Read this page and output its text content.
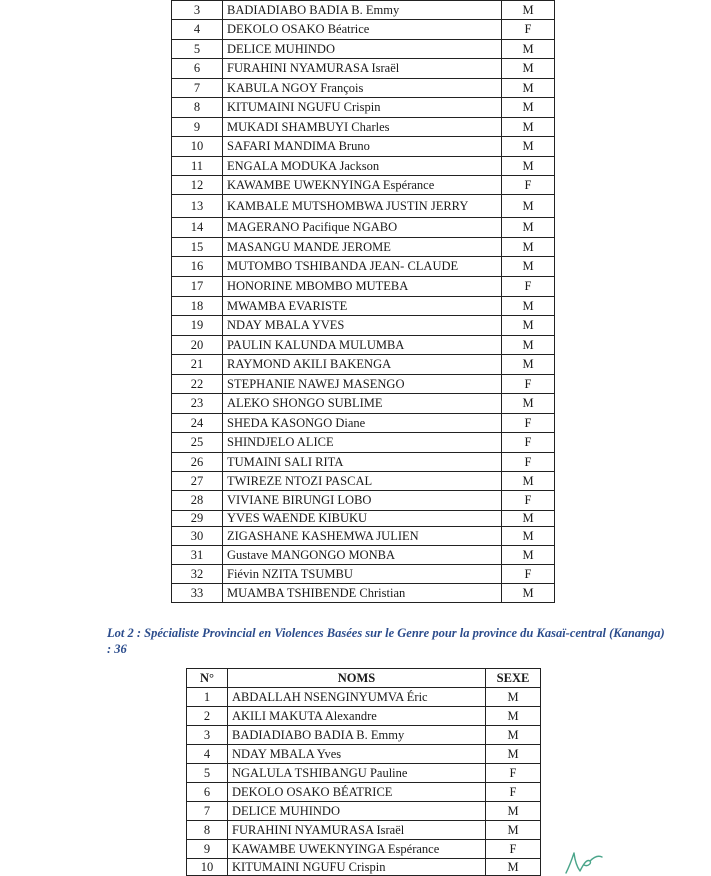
3	BADIADIABO BADIA B. Emmy	M
4	DEKOLO OSAKO Béatrice	F
5	DELICE MUHINDO	M
6	FURAHINI NYAMURASA Israël	M
7	KABULA NGOY François	M
8	KITUMAINI NGUFU Crispin	M
9	MUKADI SHAMBUYI Charles	M
10	SAFARI MANDIMA Bruno	M
11	ENGALA MODUKA Jackson	M
12	KAWAMBE UWEKNYINGA Espérance	F
13	KAMBALE MUTSHOMBWA JUSTIN JERRY	M
14	MAGERANO Pacifique NGABO	M
15	MASANGU MANDE JEROME	M
16	MUTOMBO TSHIBANDA JEAN- CLAUDE	M
17	HONORINE MBOMBO MUTEBA	F
18	MWAMBA EVARISTE	M
19	NDAY MBALA YVES	M
20	PAULIN KALUNDA MULUMBA	M
21	RAYMOND AKILI BAKENGA	M
22	STEPHANIE NAWEJ MASENGO	F
23	ALEKO SHONGO SUBLIME	M
24	SHEDA KASONGO Diane	F
25	SHINDJELO ALICE	F
26	TUMAINI SALI RITA	F
27	TWIREZE NTOZI PASCAL	M
28	VIVIANE BIRUNGI LOBO	F
29	YVES WAENDE KIBUKU	M
30	ZIGASHANE KASHEMWA JULIEN	M
31	Gustave MANGONGO MONBA	M
32	Fiévin NZITA TSUMBU	F
33	MUAMBA TSHIBENDE Christian	M
Lot 2 : Spécialiste Provincial en Violences Basées sur le Genre pour la province du Kasaï-central (Kananga) : 36
N°	NOMS	SEXE
1	ABDALLAH NSENGINYUMVA Éric	M
2	AKILI MAKUTA Alexandre	M
3	BADIADIABO BADIA B. Emmy	M
4	NDAY MBALA Yves	M
5	NGALULA TSHIBANGU Pauline	F
6	DEKOLO OSAKO BÉATRICE	F
7	DELICE MUHINDO	M
8	FURAHINI NYAMURASA Israël	M
9	KAWAMBE UWEKNYINGA Espérance	F
10	KITUMAINI NGUFU Crispin	M
